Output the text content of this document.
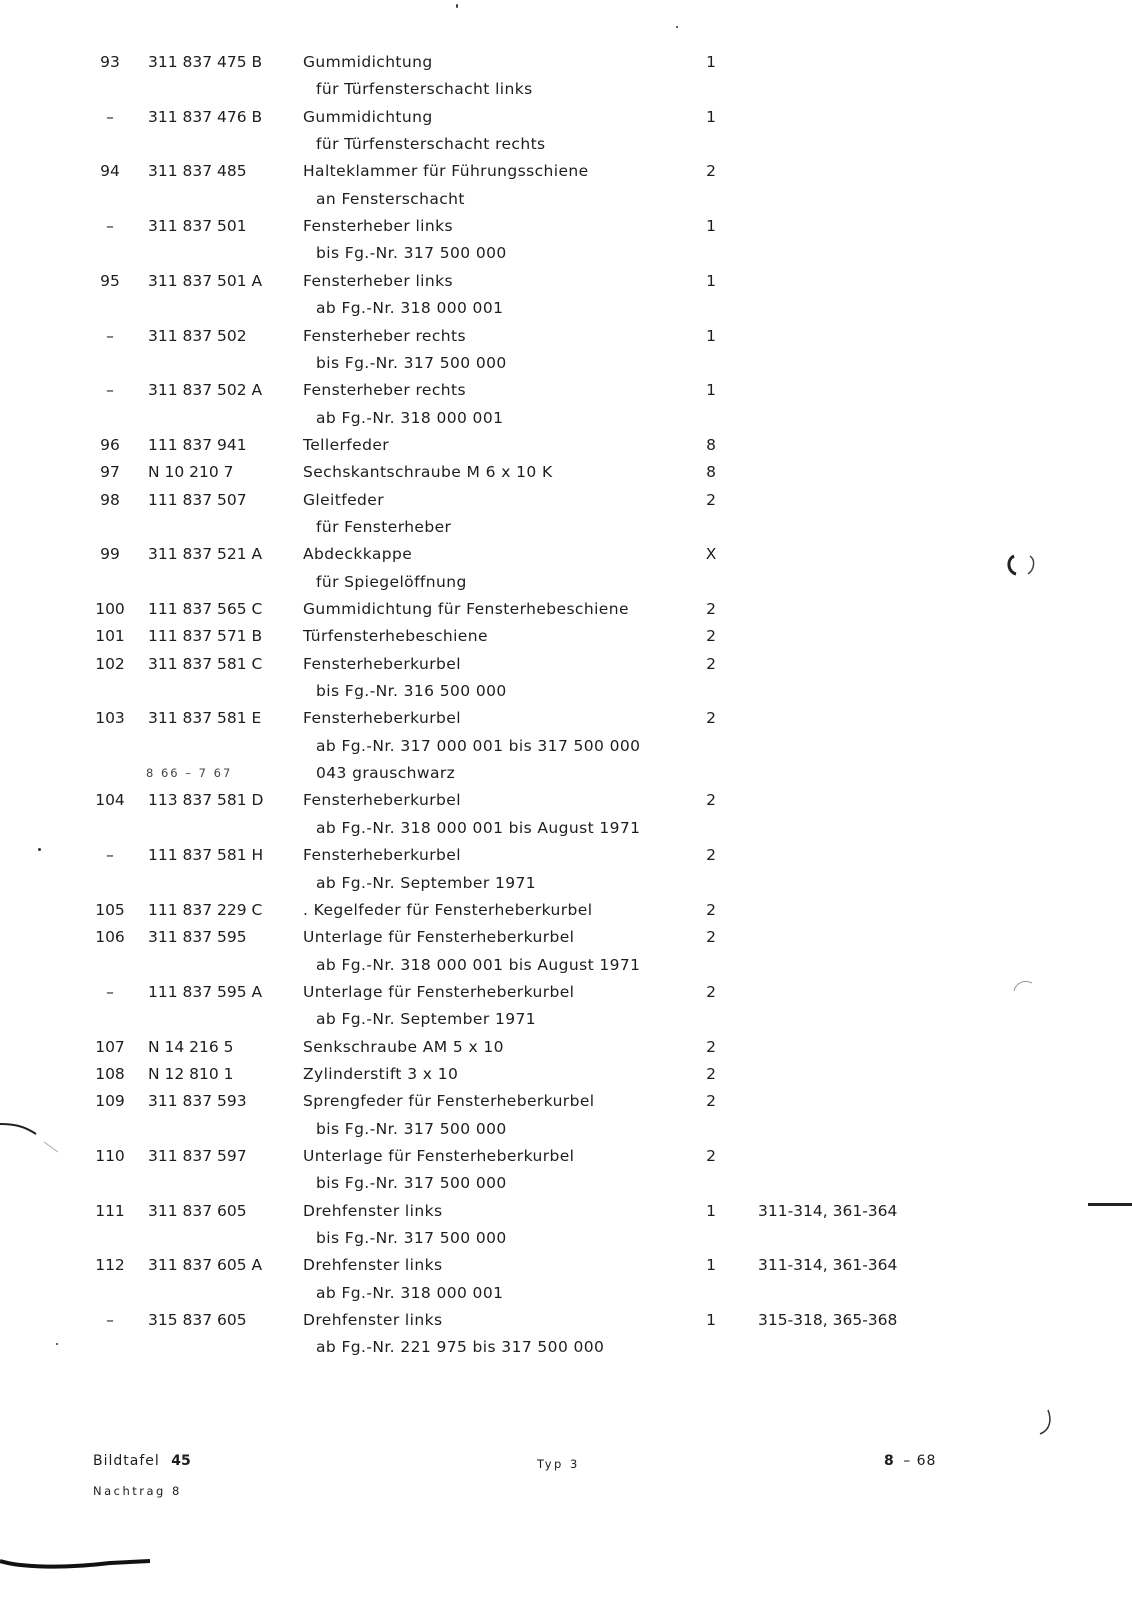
93	311 837 475 B	Gummidichtung	1
für Türfensterschacht links
–	311 837 476 B	Gummidichtung	1
für Türfensterschacht rechts
94	311 837 485	Halteklammer für Führungsschiene	2
an Fensterschacht
–	311 837 501	Fensterheber links	1
bis Fg.-Nr. 317 500 000
95	311 837 501 A	Fensterheber links	1
ab Fg.-Nr. 318 000 001
–	311 837 502	Fensterheber rechts	1
bis Fg.-Nr. 317 500 000
–	311 837 502 A	Fensterheber rechts	1
ab Fg.-Nr. 318 000 001
96	111 837 941	Tellerfeder	8
97	N 10 210 7	Sechskantschraube M 6 x 10 K	8
98	111 837 507	Gleitfeder	2
für Fensterheber
99	311 837 521 A	Abdeckkappe	X
für Spiegelöffnung
100	111 837 565 C	Gummidichtung für Fensterhebeschiene	2
101	111 837 571 B	Türfensterhebeschiene	2
102	311 837 581 C	Fensterheberkurbel	2
bis Fg.-Nr. 316 500 000
103	311 837 581 E	Fensterheberkurbel	2
ab Fg.-Nr. 317 000 001 bis 317 500 000
8 66 – 7 67	043 grauschwarz
104	113 837 581 D	Fensterheberkurbel	2
ab Fg.-Nr. 318 000 001 bis August 1971
–	111 837 581 H	Fensterheberkurbel	2
ab Fg.-Nr. September 1971
105	111 837 229 C	. Kegelfeder für Fensterheberkurbel	2
106	311 837 595	Unterlage für Fensterheberkurbel	2
ab Fg.-Nr. 318 000 001 bis August 1971
–	111 837 595 A	Unterlage für Fensterheberkurbel	2
ab Fg.-Nr. September 1971
107	N 14 216 5	Senkschraube AM 5 x 10	2
108	N 12 810 1	Zylinderstift 3 x 10	2
109	311 837 593	Sprengfeder für Fensterheberkurbel	2
bis Fg.-Nr. 317 500 000
110	311 837 597	Unterlage für Fensterheberkurbel	2
bis Fg.-Nr. 317 500 000
111	311 837 605	Drehfenster links	1	311-314, 361-364
bis Fg.-Nr. 317 500 000
112	311 837 605 A	Drehfenster links	1	311-314, 361-364
ab Fg.-Nr. 318 000 001
–	315 837 605	Drehfenster links	1	315-318, 365-368
ab Fg.-Nr. 221 975 bis 317 500 000
Bildtafel 45
Nachtrag 8
Typ 3	8 – 68
